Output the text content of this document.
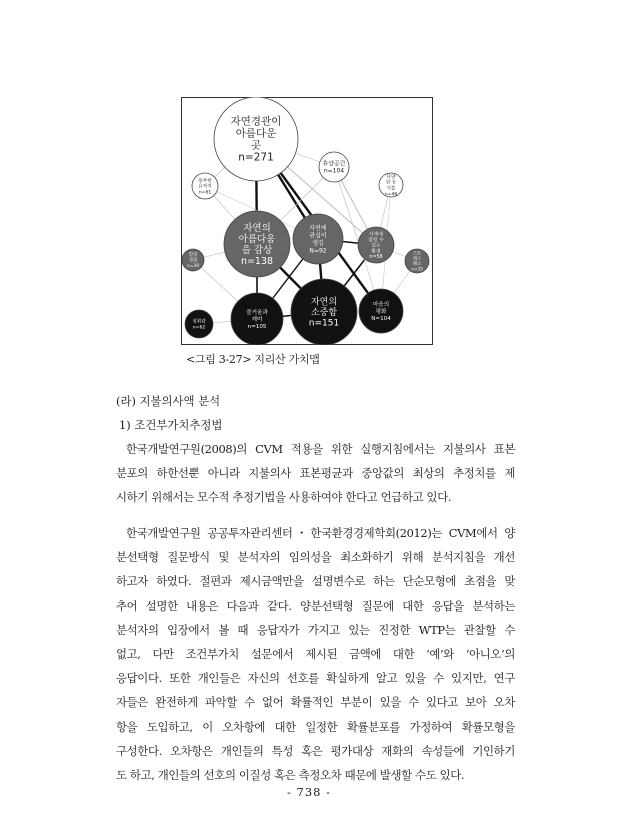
자연경관이
아름다운
곳
n=271
휴양공간
n=104
풍부한
유적지
n=61
다양
한 동
식물
n=46
자연의
아름다움
을 감상
n=138
자연에
관심이
생김
N=92
사색에
잠길 수
있는
환경
n=58
힐링
경험
n=39
스트
레스
해소
n=35
자연의
소중함
n=151
즐거움과
재미
n=105
마음의
평화
N=104
성취감
n=62
<그림 3-27> 지리산 가치맵
(라) 지불의사액 분석
1) 조건부가치추정법
한국개발연구원(2008)의 CVM 적용을 위한 실행지침에서는 지불의사 표본
분포의 하한선뿐 아니라 지불의사 표본평균과 중앙값의 최상의 추정치를 제
시하기 위해서는 모수적 추정기법을 사용하여야 한다고 언급하고 있다.
한국개발연구원 공공투자관리센터・한국환경경제학회(2012)는 CVM에서 양
분선택형 질문방식 및 분석자의 임의성을 최소화하기 위해 분석지침을 개선
하고자 하였다. 절편과 제시금액만을 설명변수로 하는 단순모형에 초점을 맞
추어 설명한 내용은 다음과 같다. 양분선택형 질문에 대한 응답을 분석하는
분석자의 입장에서 볼 때 응답자가 가지고 있는 진정한 WTP는 관찰할 수
없고, 다만 조건부가치 설문에서 제시된 금액에 대한 ‘예’와 ‘아니오’의
응답이다. 또한 개인들은 자신의 선호를 확실하게 알고 있을 수 있지만, 연구
자들은 완전하게 파악할 수 없어 확률적인 부분이 있을 수 있다고 보아 오차
항을 도입하고, 이 오차항에 대한 일정한 확률분포를 가정하여 확률모형을
구성한다. 오차항은 개인들의 특성 혹은 평가대상 재화의 속성들에 기인하기
도 하고, 개인들의 선호의 이질성 혹은 측정오차 때문에 발생할 수도 있다.
- 738 -
